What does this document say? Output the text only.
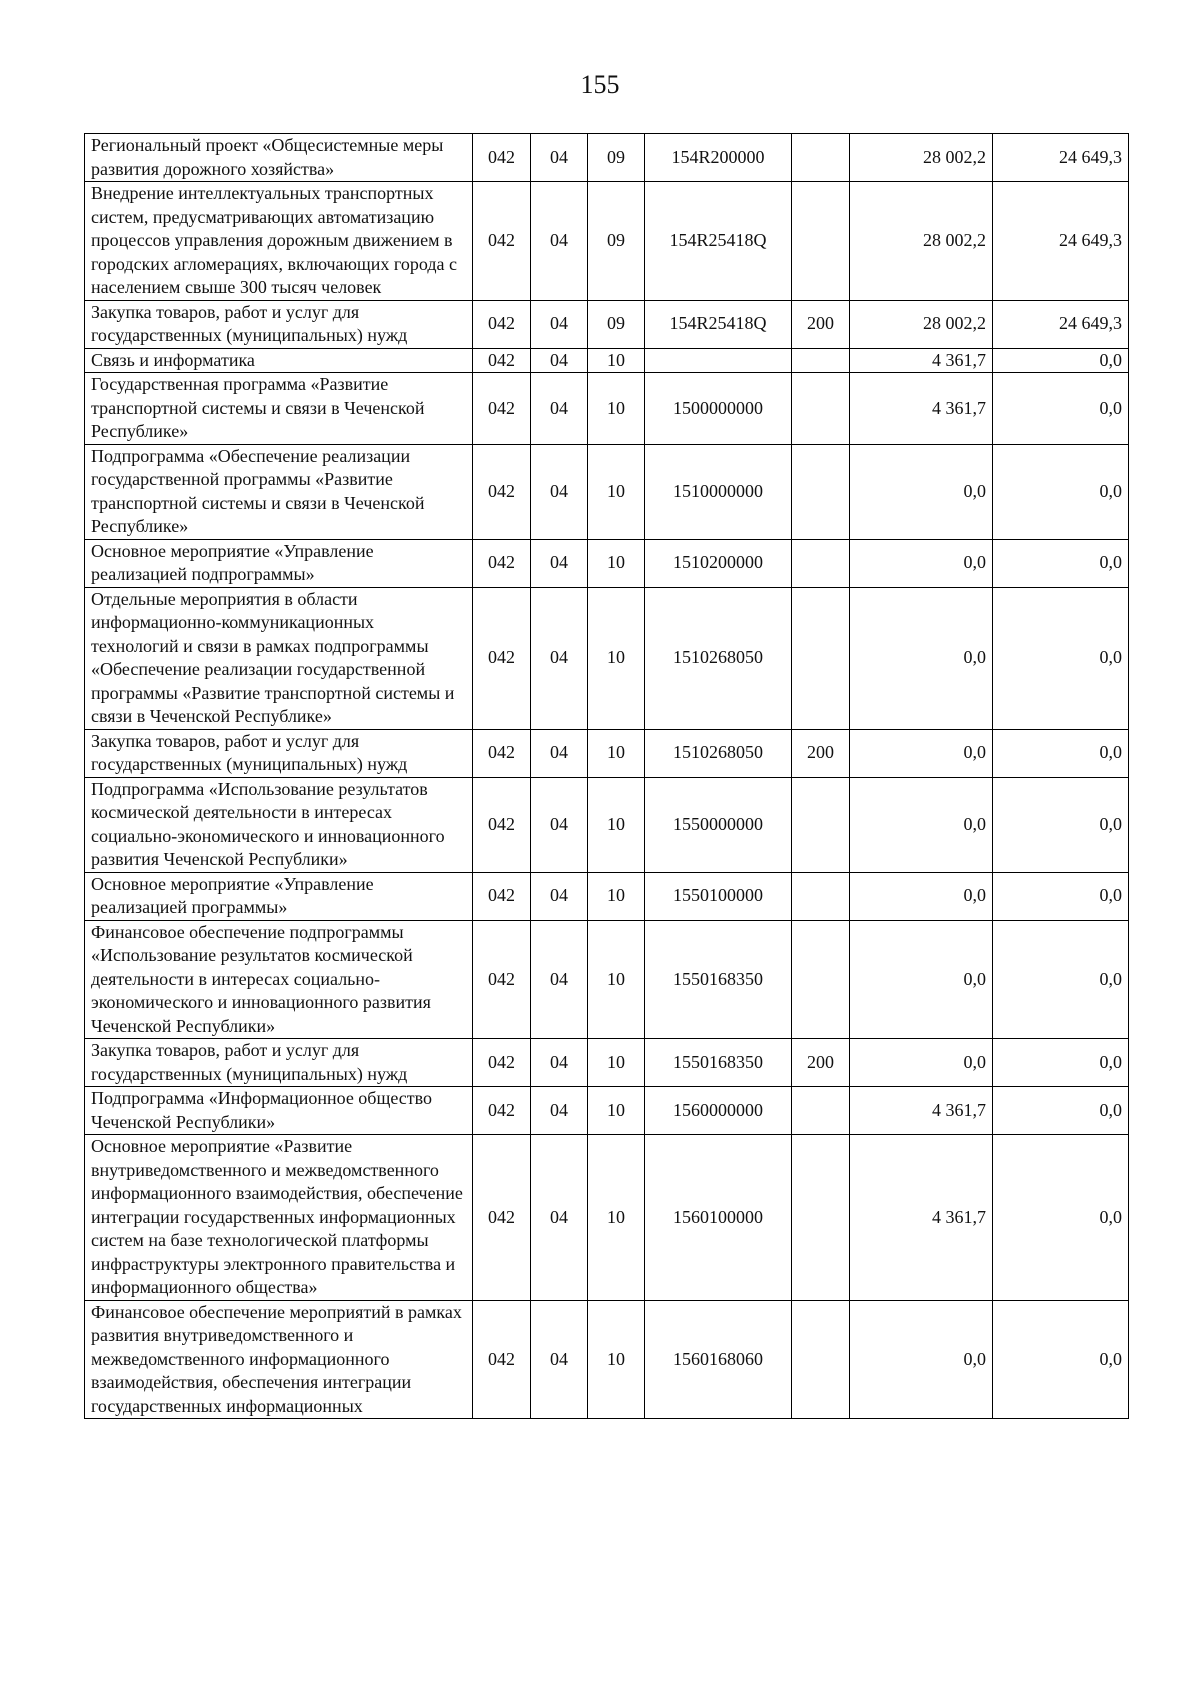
155
Региональный проект «Общесистемные меры развития дорожного хозяйства»	042	04	09	154R200000		28 002,2	24 649,3
Внедрение интеллектуальных транспортных систем, предусматривающих автоматизацию процессов управления дорожным движением в городских агломерациях, включающих города с населением свыше 300 тысяч человек	042	04	09	154R25418Q		28 002,2	24 649,3
Закупка товаров, работ и услуг для государственных (муниципальных) нужд	042	04	09	154R25418Q	200	28 002,2	24 649,3
Связь и информатика	042	04	10			4 361,7	0,0
Государственная программа «Развитие транспортной системы и связи в Чеченской Республике»	042	04	10	1500000000		4 361,7	0,0
Подпрограмма «Обеспечение реализации государственной программы «Развитие транспортной системы и связи в Чеченской Республике»	042	04	10	1510000000		0,0	0,0
Основное мероприятие «Управление реализацией подпрограммы»	042	04	10	1510200000		0,0	0,0
Отдельные мероприятия в области информационно-коммуникационных технологий и связи в рамках подпрограммы «Обеспечение реализации государственной программы «Развитие транспортной системы и связи в Чеченской Республике»	042	04	10	1510268050		0,0	0,0
Закупка товаров, работ и услуг для государственных (муниципальных) нужд	042	04	10	1510268050	200	0,0	0,0
Подпрограмма «Использование результатов космической деятельности в интересах социально-экономического и инновационного развития Чеченской Республики»	042	04	10	1550000000		0,0	0,0
Основное мероприятие «Управление реализацией программы»	042	04	10	1550100000		0,0	0,0
Финансовое обеспечение подпрограммы «Использование результатов космической деятельности в интересах социально-экономического и инновационного развития Чеченской Республики»	042	04	10	1550168350		0,0	0,0
Закупка товаров, работ и услуг для государственных (муниципальных) нужд	042	04	10	1550168350	200	0,0	0,0
Подпрограмма «Информационное общество Чеченской Республики»	042	04	10	1560000000		4 361,7	0,0
Основное мероприятие «Развитие внутриведомственного и межведомственного информационного взаимодействия, обеспечение интеграции государственных информационных систем на базе технологической платформы инфраструктуры электронного правительства и информационного общества»	042	04	10	1560100000		4 361,7	0,0
Финансовое обеспечение мероприятий в рамках развития внутриведомственного и межведомственного информационного взаимодействия, обеспечения интеграции государственных информационных	042	04	10	1560168060		0,0	0,0
